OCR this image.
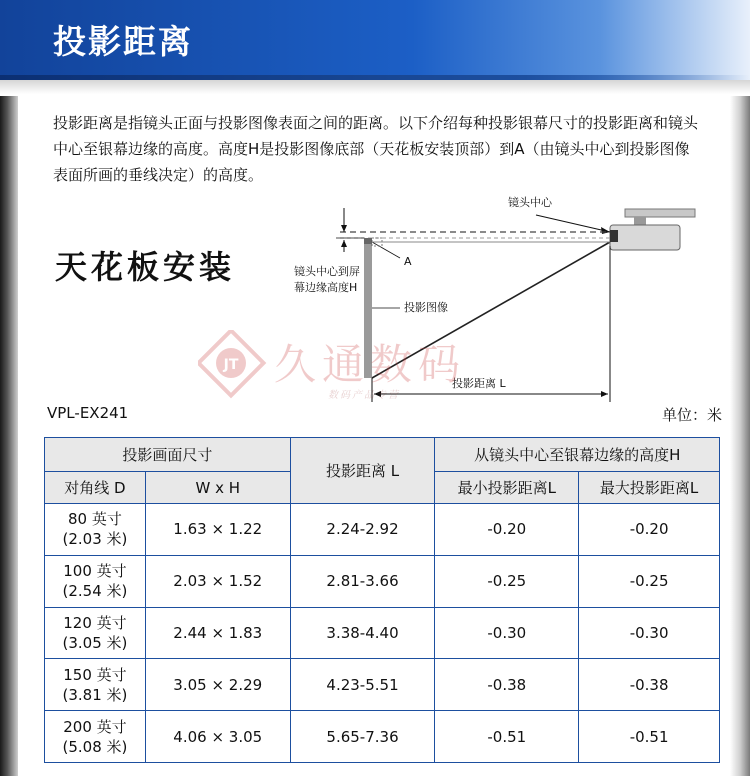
投影距离
投影距离是指镜头正面与投影图像表面之间的距离。以下介绍每种投影银幕尺寸的投影距离和镜头中心至银幕边缘的高度。高度H是投影图像底部（天花板安装顶部）到A（由镜头中心到投影图像表面所画的垂线决定）的高度。
天花板安装
镜头中心
镜头中心到屏幕边缘高度H
A
投影图像
投影距离 L
JT 久通数码
数码产品专营
VPL-EX241	单位：米
投影画面尺寸		投影距离 L	从镜头中心至银幕边缘的高度H	
对角线 D	W x H		最小投影距离L	最大投影距离L

80 英寸
(2.03 米)	1.63 × 1.22	2.24-2.92	-0.20	-0.20

100 英寸
(2.54 米)	2.03 × 1.52	2.81-3.66	-0.25	-0.25

120 英寸
(3.05 米)	2.44 × 1.83	3.38-4.40	-0.30	-0.30

150 英寸
(3.81 米)	3.05 × 2.29	4.23-5.51	-0.38	-0.38

200 英寸
(5.08 米)	4.06 × 3.05	5.65-7.36	-0.51	-0.51
